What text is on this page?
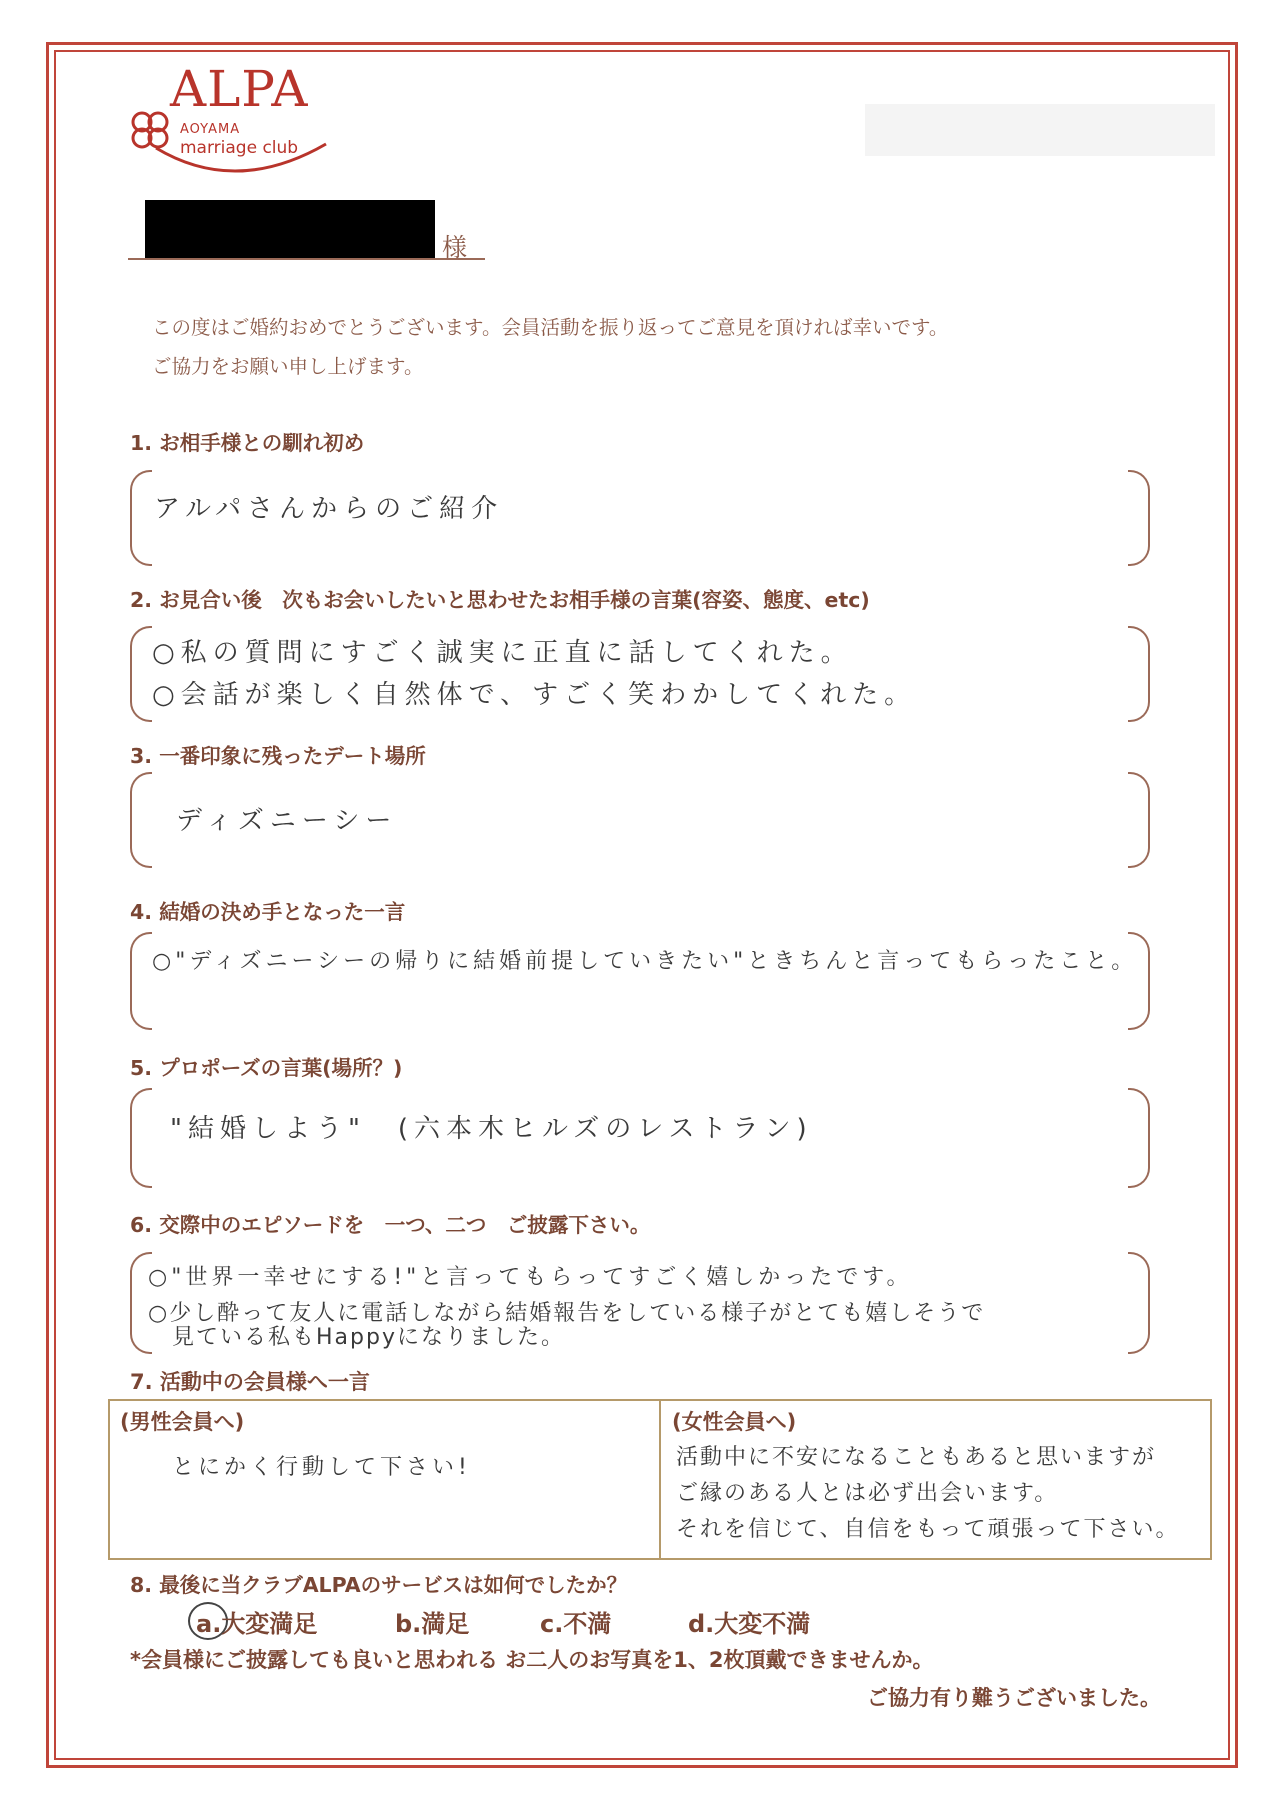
ALPA
AOYAMA
marriage club
様
この度はご婚約おめでとうございます。会員活動を振り返ってご意見を頂ければ幸いです。
ご協力をお願い申し上げます。
1. お相手様との馴れ初め
アルパさんからのご紹介
2. お見合い後　次もお会いしたいと思わせたお相手様の言葉(容姿、態度、etc)
○私の質問にすごく誠実に正直に話してくれた。
○会話が楽しく自然体で、すごく笑わかしてくれた。
3. 一番印象に残ったデート場所
ディズニーシー
4. 結婚の決め手となった一言
○"ディズニーシーの帰りに結婚前提していきたい"ときちんと言ってもらったこと。
5. プロポーズの言葉(場所？)
"結婚しよう"　(六本木ヒルズのレストラン)
6. 交際中のエピソードを　一つ、二つ　ご披露下さい。
○"世界一幸せにする!"と言ってもらってすごく嬉しかったです。
○少し酔って友人に電話しながら結婚報告をしている様子がとても嬉しそうで
見ている私もHappyになりました。
7. 活動中の会員様へ一言
(男性会員へ)
とにかく行動して下さい!
(女性会員へ)
活動中に不安になることもあると思いますが
ご縁のある人とは必ず出会います。
それを信じて、自信をもって頑張って下さい。
8. 最後に当クラブALPAのサービスは如何でしたか？
a.大変満足	b.満足	c.不満	d.大変不満
*会員様にご披露しても良いと思われる お二人のお写真を1、2枚頂戴できませんか。
ご協力有り難うございました。
